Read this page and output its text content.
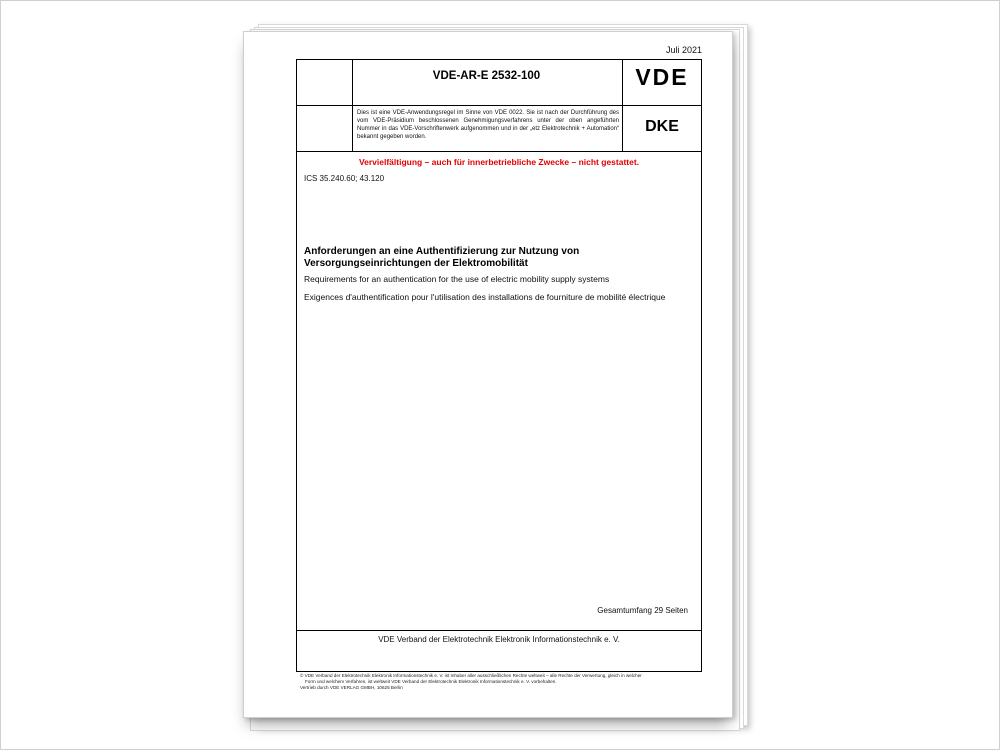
Juli 2021
VDE-AR-E 2532-100	VDE
Dies ist eine VDE-Anwendungsregel im Sinne von VDE 0022. Sie ist nach der Durchführung des vom VDE-Präsidium beschlossenen Genehmigungsverfahrens unter der oben angeführten Nummer in das VDE-Vorschriftenwerk aufgenommen und in der „etz Elektrotechnik + Automation“ bekannt gegeben worden.
DKE
Vervielfältigung – auch für innerbetriebliche Zwecke – nicht gestattet.
ICS 35.240.60; 43.120
Anforderungen an eine Authentifizierung zur Nutzung von Versorgungseinrichtungen der Elektromobilität
Requirements for an authentication for the use of electric mobility supply systems
Exigences d'authentification pour l'utilisation des installations de fourniture de mobilité électrique
Gesamtumfang 29 Seiten
VDE Verband der Elektrotechnik Elektronik Informationstechnik e. V.
© VDE Verband der Elektrotechnik Elektronik Informationstechnik e. V. ist Inhaber aller ausschließlichen Rechte weltweit – alle Rechte der Verwertung, gleich in welcher
Form und welchem Verfahren, ist weltweit VDE Verband der Elektrotechnik Elektronik Informationstechnik e. V. vorbehalten.
Vertrieb durch VDE VERLAG GMBH, 10625 Berlin
